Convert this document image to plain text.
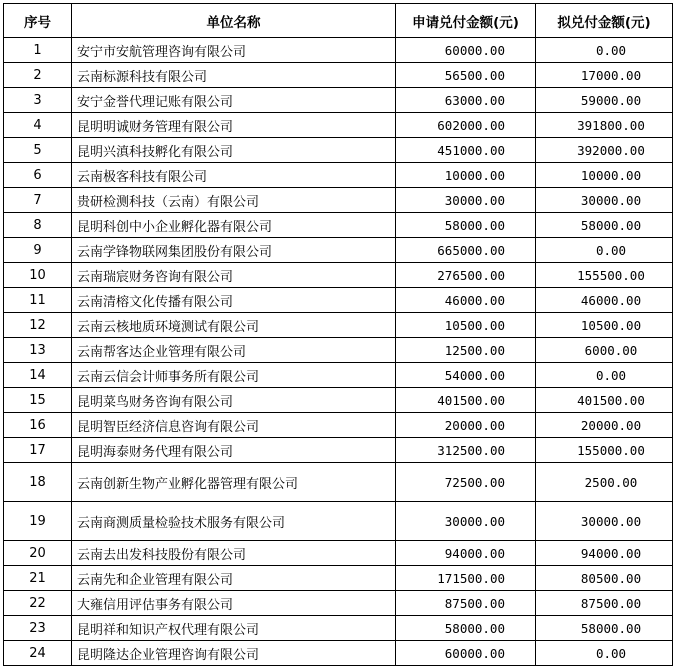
序号	单位名称	申请兑付金额(元)	拟兑付金额(元)
1	安宁市安航管理咨询有限公司	60000.00	0.00
2	云南标源科技有限公司	56500.00	17000.00
3	安宁金誉代理记账有限公司	63000.00	59000.00
4	昆明明诚财务管理有限公司	602000.00	391800.00
5	昆明兴滇科技孵化有限公司	451000.00	392000.00
6	云南极客科技有限公司	10000.00	10000.00
7	贵研检测科技（云南）有限公司	30000.00	30000.00
8	昆明科创中小企业孵化器有限公司	58000.00	58000.00
9	云南学锋物联网集团股份有限公司	665000.00	0.00
10	云南瑞宸财务咨询有限公司	276500.00	155500.00
11	云南清榕文化传播有限公司	46000.00	46000.00
12	云南云核地质环境测试有限公司	10500.00	10500.00
13	云南帮客达企业管理有限公司	12500.00	6000.00
14	云南云信会计师事务所有限公司	54000.00	0.00
15	昆明菜鸟财务咨询有限公司	401500.00	401500.00
16	昆明智臣经济信息咨询有限公司	20000.00	20000.00
17	昆明海泰财务代理有限公司	312500.00	155000.00
18	云南创新生物产业孵化器管理有限公司	72500.00	2500.00
19	云南商测质量检验技术服务有限公司	30000.00	30000.00
20	云南去出发科技股份有限公司	94000.00	94000.00
21	云南先和企业管理有限公司	171500.00	80500.00
22	大雍信用评估事务有限公司	87500.00	87500.00
23	昆明祥和知识产权代理有限公司	58000.00	58000.00
24	昆明隆达企业管理咨询有限公司	60000.00	0.00
